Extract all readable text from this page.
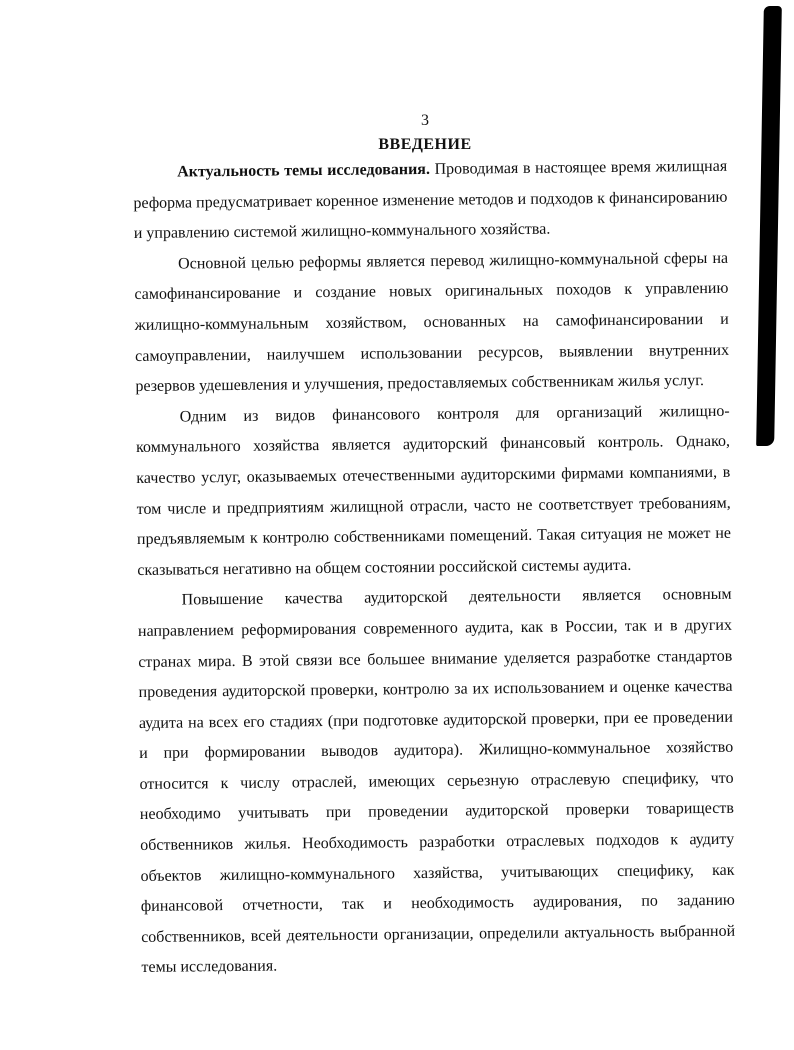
3
ВВЕДЕНИЕ

Актуальность темы исследования. Проводимая в настоящее время жилищная реформа предусматривает коренное изменение методов и подходов к финансированию и управлению системой жилищно-коммунального хозяйства.

Основной целью реформы является перевод жилищно-коммунальной сферы на самофинансирование и создание новых оригинальных походов к управлению жилищно-коммунальным хозяйством, основанных на самофинансировании и самоуправлении, наилучшем использовании ресурсов, выявлении внутренних резервов удешевления и улучшения, предоставляемых собственникам жилья услуг.

Одним из видов финансового контроля для организаций жилищно-коммунального хозяйства является аудиторский финансовый контроль. Однако, качество услуг, оказываемых отечественными аудиторскими фирмами компаниями, в том числе и предприятиям жилищной отрасли, часто не соответствует требованиям, предъявляемым к контролю собственниками помещений. Такая ситуация не может не сказываться негативно на общем состоянии российской системы аудита.

Повышение качества аудиторской деятельности является основным направлением реформирования современного аудита, как в России, так и в других странах мира. В этой связи все большее внимание уделяется разработке стандартов проведения аудиторской проверки, контролю за их использованием и оценке качества аудита на всех его стадиях (при подготовке аудиторской проверки, при ее проведении и при формировании выводов аудитора). Жилищно-коммунальное хозяйство относится к числу отраслей, имеющих серьезную отраслевую специфику, что необходимо учитывать при проведении аудиторской проверки товариществ обственников жилья. Необходимость разработки отраслевых подходов к аудиту объектов жилищно-коммунального хазяйства, учитывающих специфику, как финансовой отчетности, так и необходимость аудирования, по заданию собственников, всей деятельности организации, определили актуальность выбранной темы исследования.
